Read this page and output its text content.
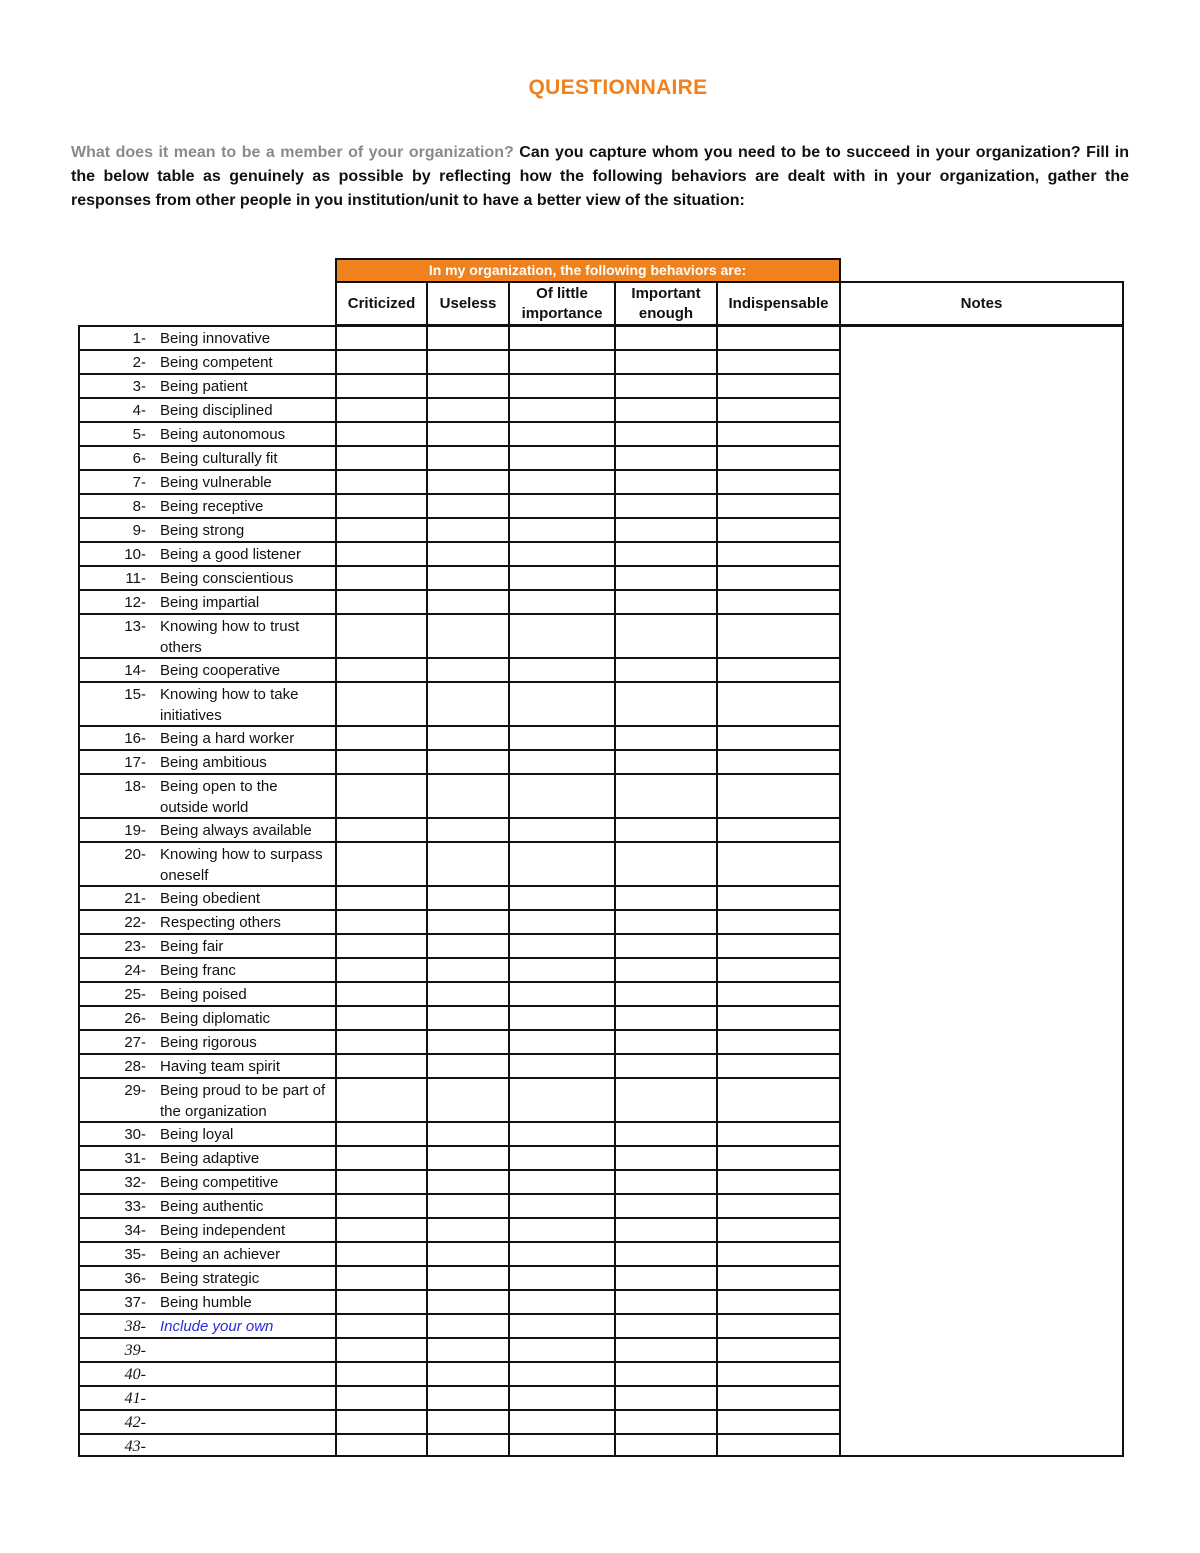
QUESTIONNAIRE
What does it mean to be a member of your organization? Can you capture whom you need to be to succeed in your organization? Fill in the below table as genuinely as possible by reflecting how the following behaviors are dealt with in your organization, gather the responses from other people in you institution/unit to have a better view of the situation:
In my organization, the following behaviors are:
Criticized	Useless
Of little importance
Important enough
Indispensable	Notes
1- Being innovative
2- Being competent
3- Being patient
4- Being disciplined
5- Being autonomous
6- Being culturally fit
7- Being vulnerable
8- Being receptive
9- Being strong
10- Being a good listener
11- Being conscientious
12- Being impartial
13- Knowing how to trust others
14- Being cooperative
15- Knowing how to take initiatives
16- Being a hard worker
17- Being ambitious
18- Being open to the outside world
19- Being always available
20- Knowing how to surpass oneself
21- Being obedient
22- Respecting others
23- Being fair
24- Being franc
25- Being poised
26- Being diplomatic
27- Being rigorous
28- Having team spirit
29- Being proud to be part of the organization
30- Being loyal
31- Being adaptive
32- Being competitive
33- Being authentic
34- Being independent
35- Being an achiever
36- Being strategic
37- Being humble
38- Include your own
39-
40-
41-
42-
43-
